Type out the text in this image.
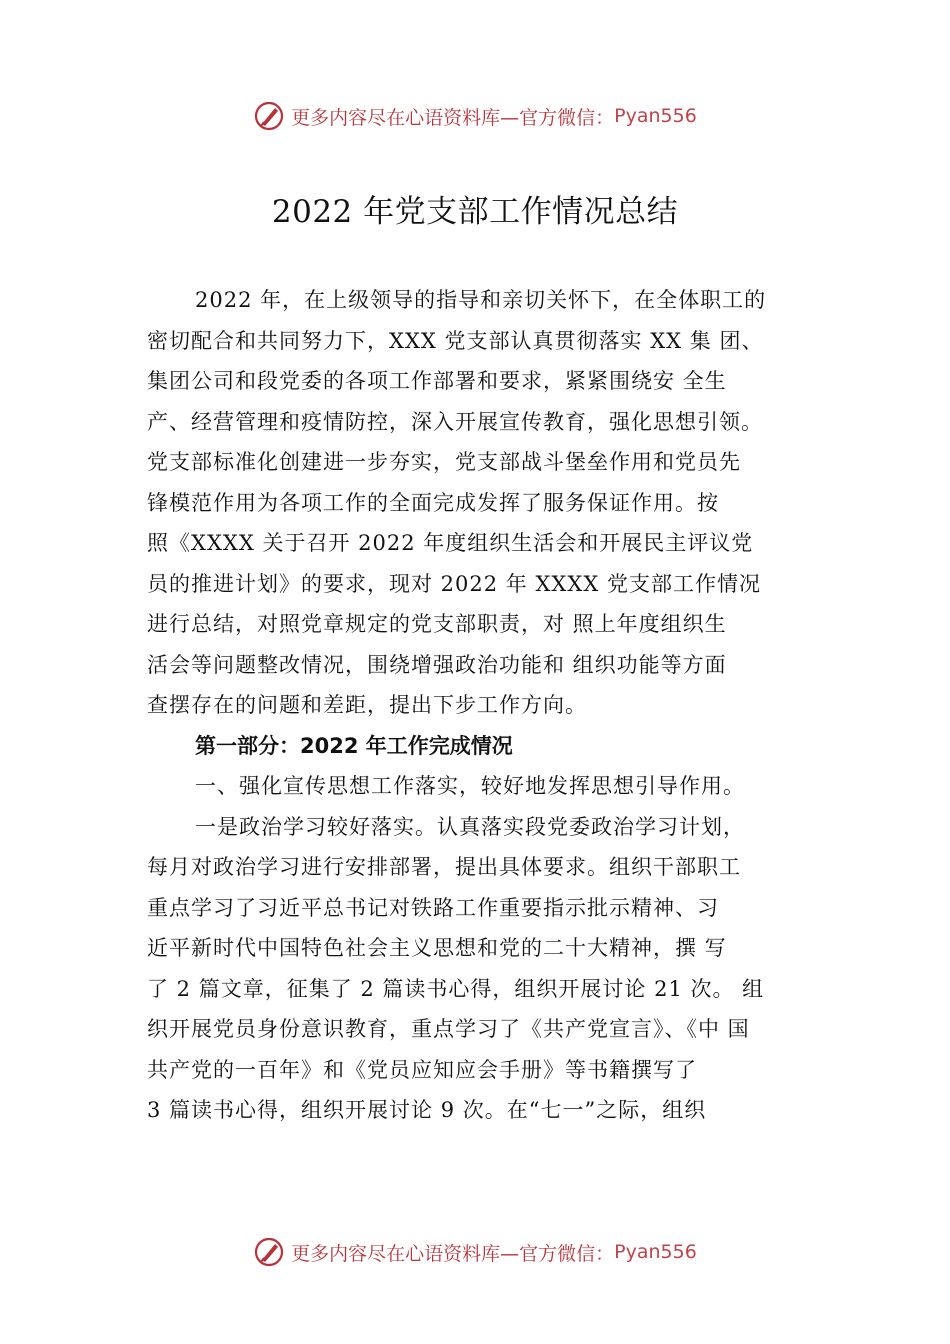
更多内容尽在心语资料库—官方微信： Pyan556
2022 年党支部工作情况总结
2022 年，在上级领导的指导和亲切关怀下，在全体职工的
密切配合和共同努力下，XXX 党支部认真贯彻落实 XX 集 团、
集团公司和段党委的各项工作部署和要求，紧紧围绕安 全生
产、经营管理和疫情防控，深入开展宣传教育，强化思想引领。
党支部标准化创建进一步夯实，党支部战斗堡垒作用和党员先
锋模范作用为各项工作的全面完成发挥了服务保证作用。按
照《XXXX 关于召开 2022 年度组织生活会和开展民主评议党
员的推进计划》的要求，现对 2022 年 XXXX 党支部工作情况
进行总结，对照党章规定的党支部职责，对 照上年度组织生
活会等问题整改情况，围绕增强政治功能和 组织功能等方面
查摆存在的问题和差距，提出下步工作方向。
第一部分：2022 年工作完成情况
一、强化宣传思想工作落实，较好地发挥思想引导作用。
一是政治学习较好落实。认真落实段党委政治学习计划，
每月对政治学习进行安排部署，提出具体要求。组织干部职工
重点学习了习近平总书记对铁路工作重要指示批示精神、习
近平新时代中国特色社会主义思想和党的二十大精神，撰 写
了 2 篇文章，征集了 2 篇读书心得，组织开展讨论 21 次。 组
织开展党员身份意识教育，重点学习了《共产党宣言》、《中 国
共产党的一百年》和《党员应知应会手册》等书籍撰写了
3 篇读书心得，组织开展讨论 9 次。在“七一”之际，组织
更多内容尽在心语资料库—官方微信： Pyan556
